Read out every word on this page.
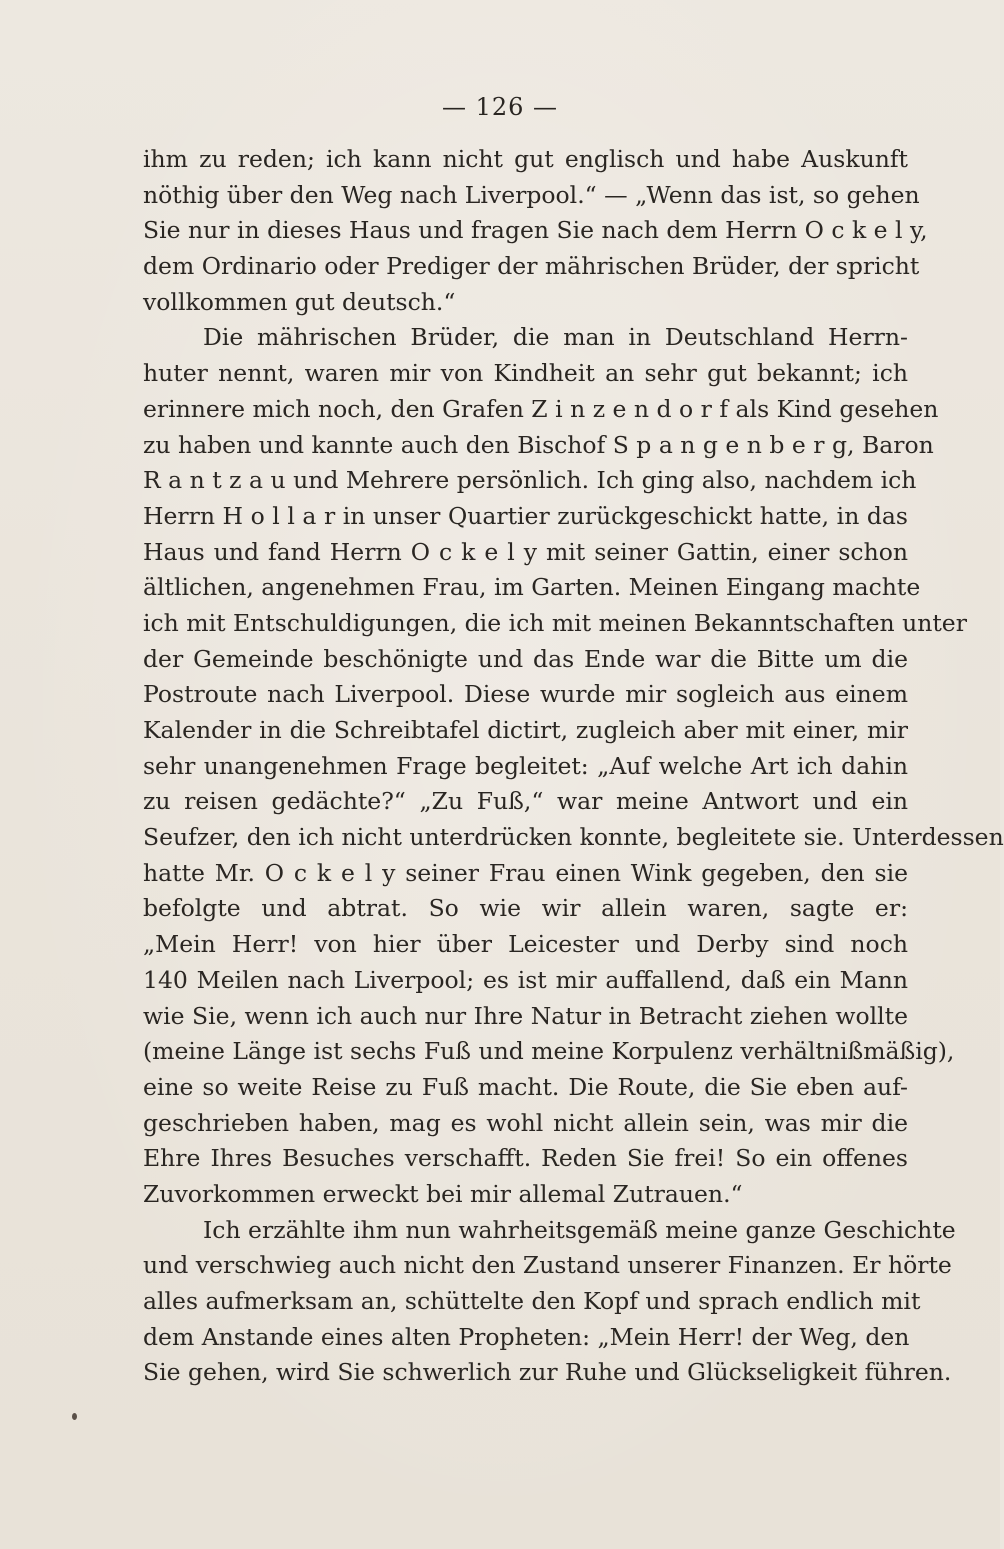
— 126 —
ihm zu reden; ich kann nicht gut englisch und habe Auskunft
nöthig über den Weg nach Liverpool.“ — „Wenn das ist, so gehen
Sie nur in dieses Haus und fragen Sie nach dem Herrn O c k e l y,
dem Ordinario oder Prediger der mährischen Brüder, der spricht
vollkommen gut deutsch.“
Die mährischen Brüder, die man in Deutschland Herrn-
huter nennt, waren mir von Kindheit an sehr gut bekannt; ich
erinnere mich noch, den Grafen Z i n z e n d o r f als Kind gesehen
zu haben und kannte auch den Bischof S p a n g e n b e r g, Baron
R a n t z a u und Mehrere persönlich. Ich ging also, nachdem ich
Herrn H o l l a r in unser Quartier zurückgeschickt hatte, in das
Haus und fand Herrn O c k e l y mit seiner Gattin, einer schon
ältlichen, angenehmen Frau, im Garten. Meinen Eingang machte
ich mit Entschuldigungen, die ich mit meinen Bekanntschaften unter
der Gemeinde beschönigte und das Ende war die Bitte um die
Postroute nach Liverpool. Diese wurde mir sogleich aus einem
Kalender in die Schreibtafel dictirt, zugleich aber mit einer, mir
sehr unangenehmen Frage begleitet: „Auf welche Art ich dahin
zu reisen gedächte?“ „Zu Fuß,“ war meine Antwort und ein
Seufzer, den ich nicht unterdrücken konnte, begleitete sie. Unterdessen
hatte Mr. O c k e l y seiner Frau einen Wink gegeben, den sie
befolgte und abtrat. So wie wir allein waren, sagte er:
„Mein Herr! von hier über Leicester und Derby sind noch
140 Meilen nach Liverpool; es ist mir auffallend, daß ein Mann
wie Sie, wenn ich auch nur Ihre Natur in Betracht ziehen wollte
(meine Länge ist sechs Fuß und meine Korpulenz verhältnißmäßig),
eine so weite Reise zu Fuß macht. Die Route, die Sie eben auf-
geschrieben haben, mag es wohl nicht allein sein, was mir die
Ehre Ihres Besuches verschafft. Reden Sie frei! So ein offenes
Zuvorkommen erweckt bei mir allemal Zutrauen.“
Ich erzählte ihm nun wahrheitsgemäß meine ganze Geschichte
und verschwieg auch nicht den Zustand unserer Finanzen. Er hörte
alles aufmerksam an, schüttelte den Kopf und sprach endlich mit
dem Anstande eines alten Propheten: „Mein Herr! der Weg, den
Sie gehen, wird Sie schwerlich zur Ruhe und Glückseligkeit führen.
